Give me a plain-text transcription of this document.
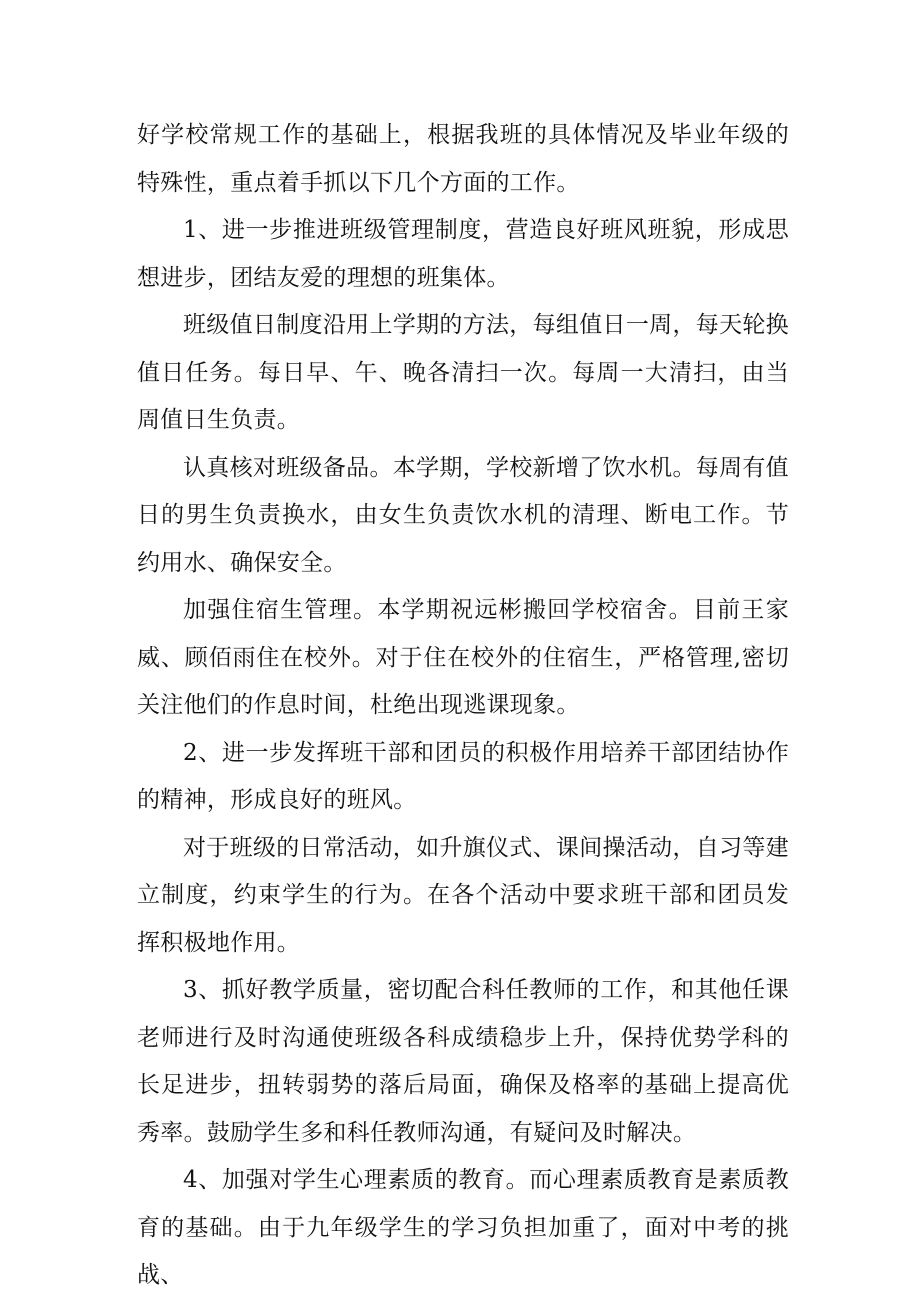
好学校常规工作的基础上，根据我班的具体情况及毕业年级的特殊性，重点着手抓以下几个方面的工作。

1、进一步推进班级管理制度，营造良好班风班貌，形成思想进步，团结友爱的理想的班集体。

班级值日制度沿用上学期的方法，每组值日一周，每天轮换值日任务。每日早、午、晚各清扫一次。每周一大清扫，由当周值日生负责。

认真核对班级备品。本学期，学校新增了饮水机。每周有值日的男生负责换水，由女生负责饮水机的清理、断电工作。节约用水、确保安全。

加强住宿生管理。本学期祝远彬搬回学校宿舍。目前王家威、顾佰雨住在校外。对于住在校外的住宿生，严格管理,密切关注他们的作息时间，杜绝出现逃课现象。

2、进一步发挥班干部和团员的积极作用培养干部团结协作的精神，形成良好的班风。

对于班级的日常活动，如升旗仪式、课间操活动，自习等建立制度，约束学生的行为。在各个活动中要求班干部和团员发挥积极地作用。

3、抓好教学质量，密切配合科任教师的工作，和其他任课老师进行及时沟通使班级各科成绩稳步上升，保持优势学科的长足进步，扭转弱势的落后局面，确保及格率的基础上提高优秀率。鼓励学生多和科任教师沟通，有疑问及时解决。

4、加强对学生心理素质的教育。而心理素质教育是素质教育的基础。由于九年级学生的学习负担加重了，面对中考的挑战、
